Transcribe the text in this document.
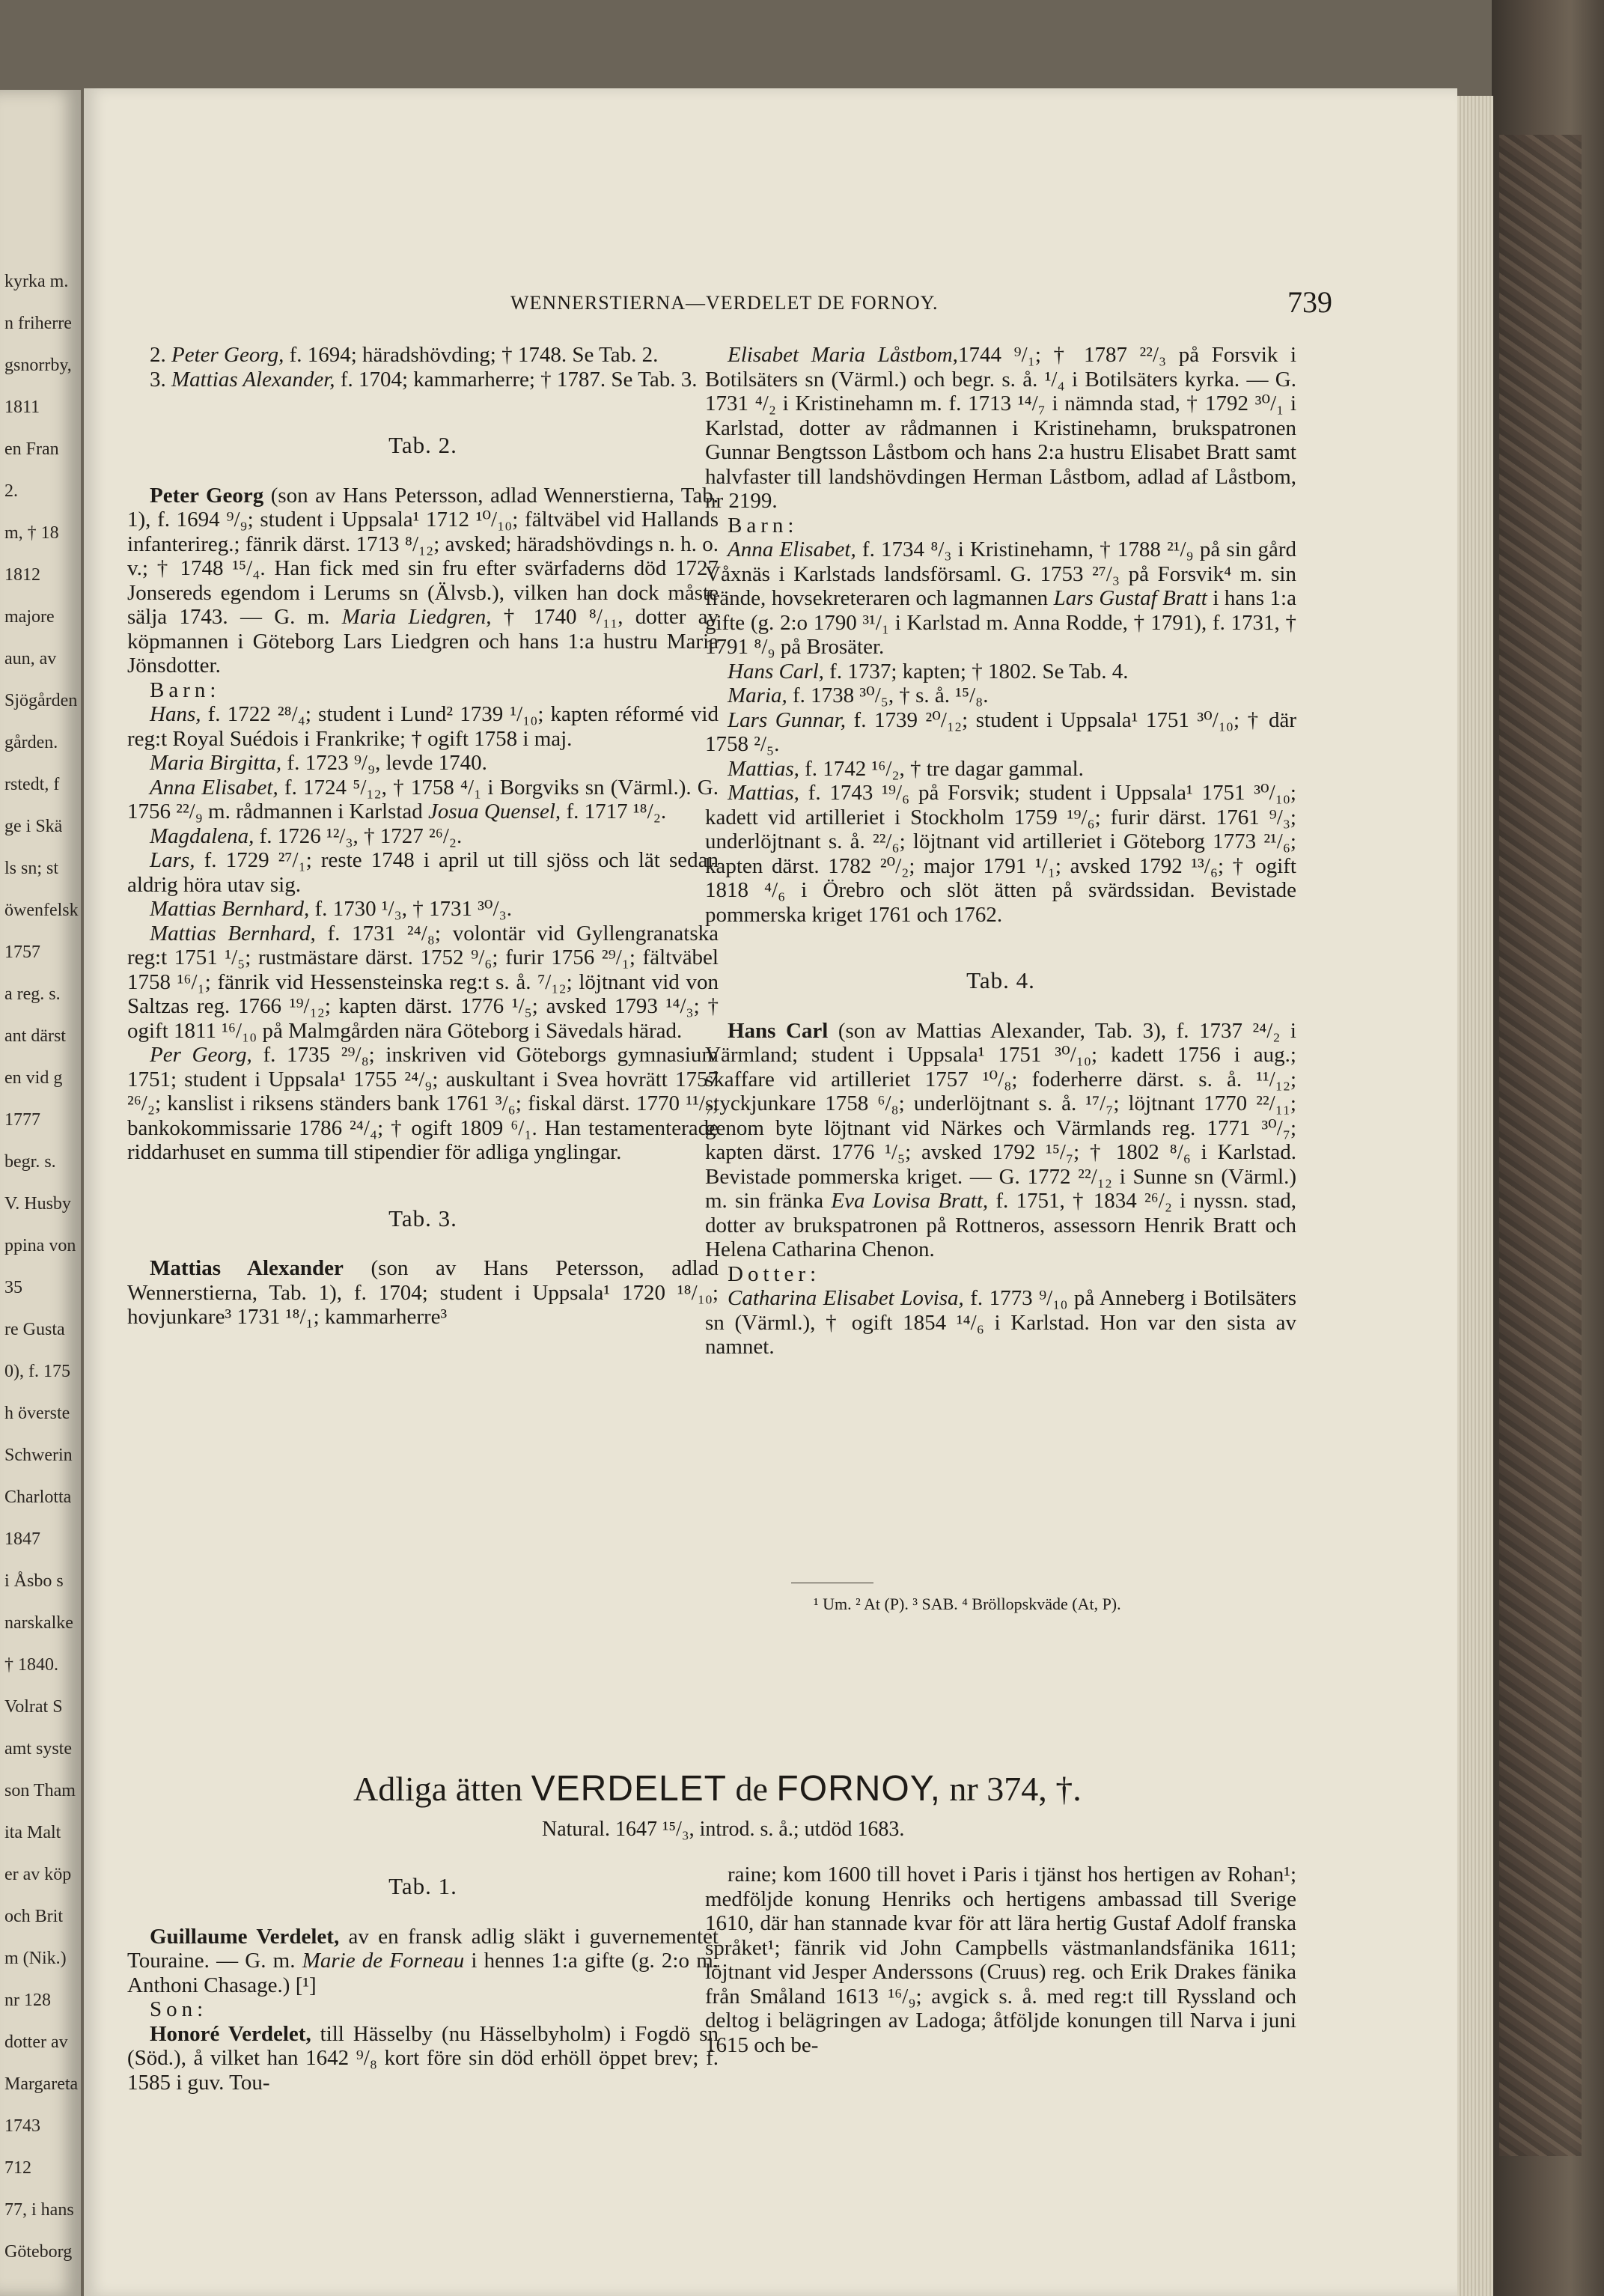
kyrka m.
n friherre
gsnorrby,
1811
en Fran
2.
m, † 18
1812
majore
aun, av
Sjögården
gården.
rstedt, f
ge i Skä
ls sn; st
öwenfelsk
1757
a reg. s.
ant därst
en vid g
1777
begr. s.
V. Husby
ppina von
35
re Gusta
0), f. 175
h överste
Schwerin
Charlotta
1847
i Åsbo s
narskalke
† 1840.
Volrat S
amt syste
son Tham
ita Malt
er av köp
och Brit
m (Nik.)
nr 128
dotter av
Margareta
1743
712
77, i hans
Göteborg
WENNERSTIERNA—VERDELET DE FORNOY.	739

2. Peter Georg, f. 1694; häradshövding; † 1748. Se Tab. 2.

3. Mattias Alexander, f. 1704; kammarherre; † 1787. Se Tab. 3.

Tab. 2.

Peter Georg (son av Hans Petersson, adlad Wennerstierna, Tab. 1), f. 1694 ⁹/₉; student i Uppsala¹ 1712 ¹⁰/₁₀; fältväbel vid Hallands infanterireg.; fänrik därst. 1713 ⁸/₁₂; avsked; häradshövdings n. h. o. v.; † 1748 ¹⁵/₄. Han fick med sin fru efter svärfaderns död 1727 Jonsereds egendom i Lerums sn (Älvsb.), vilken han dock måste sälja 1743. — G. m. Maria Liedgren, † 1740 ⁸/₁₁, dotter av köpmannen i Göteborg Lars Liedgren och hans 1:a hustru Maria Jönsdotter.

Barn:

Hans, f. 1722 ²⁸/₄; student i Lund² 1739 ¹/₁₀; kapten réformé vid reg:t Royal Suédois i Frankrike; † ogift 1758 i maj.

Maria Birgitta, f. 1723 ⁹/₉, levde 1740.

Anna Elisabet, f. 1724 ⁵/₁₂, † 1758 ⁴/₁ i Borgviks sn (Värml.). G. 1756 ²²/₉ m. rådmannen i Karlstad Josua Quensel, f. 1717 ¹⁸/₂.

Magdalena, f. 1726 ¹²/₃, † 1727 ²⁶/₂.

Lars, f. 1729 ²⁷/₁; reste 1748 i april ut till sjöss och lät sedan aldrig höra utav sig.

Mattias Bernhard, f. 1730 ¹/₃, † 1731 ³⁰/₃.

Mattias Bernhard, f. 1731 ²⁴/₈; volontär vid Gyllengranatska reg:t 1751 ¹/₅; rustmästare därst. 1752 ⁹/₆; furir 1756 ²⁹/₁; fältväbel 1758 ¹⁶/₁; fänrik vid Hessensteinska reg:t s. å. ⁷/₁₂; löjtnant vid von Saltzas reg. 1766 ¹⁹/₁₂; kapten därst. 1776 ¹/₅; avsked 1793 ¹⁴/₃; † ogift 1811 ¹⁶/₁₀ på Malmgården nära Göteborg i Sävedals härad.

Per Georg, f. 1735 ²⁹/₈; inskriven vid Göteborgs gymnasium 1751; student i Uppsala¹ 1755 ²⁴/₉; auskultant i Svea hovrätt 1757 ²⁶/₂; kanslist i riksens ständers bank 1761 ³/₆; fiskal därst. 1770 ¹¹/₇; bankokommissarie 1786 ²⁴/₄; † ogift 1809 ⁶/₁. Han testamenterade riddarhuset en summa till stipendier för adliga ynglingar.

Tab. 3.

Mattias Alexander (son av Hans Petersson, adlad Wennerstierna, Tab. 1), f. 1704; student i Uppsala¹ 1720 ¹⁸/₁₀; hovjunkare³ 1731 ¹⁸/₁; kammarherre³

Elisabet Maria Låstbom,1744 ⁹/₁; † 1787 ²²/₃ på Forsvik i Botilsäters sn (Värml.) och begr. s. å. ¹/₄ i Botilsäters kyrka. — G. 1731 ⁴/₂ i Kristinehamn m. f. 1713 ¹⁴/₇ i nämnda stad, † 1792 ³⁰/₁ i Karlstad, dotter av rådmannen i Kristinehamn, brukspatronen Gunnar Bengtsson Låstbom och hans 2:a hustru Elisabet Bratt samt halvfaster till landshövdingen Herman Låstbom, adlad af Låstbom, nr 2199.

Barn:

Anna Elisabet, f. 1734 ⁸/₃ i Kristinehamn, † 1788 ²¹/₉ på sin gård Våxnäs i Karlstads landsförsaml. G. 1753 ²⁷/₃ på Forsvik⁴ m. sin frände, hovsekreteraren och lagmannen Lars Gustaf Bratt i hans 1:a gifte (g. 2:o 1790 ³¹/₁ i Karlstad m. Anna Rodde, † 1791), f. 1731, † 1791 ⁸/₉ på Brosäter.

Hans Carl, f. 1737; kapten; † 1802. Se Tab. 4.

Maria, f. 1738 ³⁰/₅, † s. å. ¹⁵/₈.

Lars Gunnar, f. 1739 ²⁰/₁₂; student i Uppsala¹ 1751 ³⁰/₁₀; † där 1758 ²/₅.

Mattias, f. 1742 ¹⁶/₂, † tre dagar gammal.

Mattias, f. 1743 ¹⁹/₆ på Forsvik; student i Uppsala¹ 1751 ³⁰/₁₀; kadett vid artilleriet i Stockholm 1759 ¹⁹/₆; furir därst. 1761 ⁹/₃; underlöjtnant s. å. ²²/₆; löjtnant vid artilleriet i Göteborg 1773 ²¹/₆; kapten därst. 1782 ²⁰/₂; major 1791 ¹/₁; avsked 1792 ¹³/₆; † ogift 1818 ⁴/₆ i Örebro och slöt ätten på svärdssidan. Bevistade pommerska kriget 1761 och 1762.

Tab. 4.

Hans Carl (son av Mattias Alexander, Tab. 3), f. 1737 ²⁴/₂ i Värmland; student i Uppsala¹ 1751 ³⁰/₁₀; kadett 1756 i aug.; skaffare vid artilleriet 1757 ¹⁰/₈; foderherre därst. s. å. ¹¹/₁₂; styckjunkare 1758 ⁶/₈; underlöjtnant s. å. ¹⁷/₇; löjtnant 1770 ²²/₁₁; genom byte löjtnant vid Närkes och Värmlands reg. 1771 ³⁰/₇; kapten därst. 1776 ¹/₅; avsked 1792 ¹⁵/₇; † 1802 ⁸/₆ i Karlstad. Bevistade pommerska kriget. — G. 1772 ²²/₁₂ i Sunne sn (Värml.) m. sin fränka Eva Lovisa Bratt, f. 1751, † 1834 ²⁶/₂ i nyssn. stad, dotter av brukspatronen på Rottneros, assessorn Henrik Bratt och Helena Catharina Chenon.

Dotter:

Catharina Elisabet Lovisa, f. 1773 ⁹/₁₀ på Anneberg i Botilsäters sn (Värml.), † ogift 1854 ¹⁴/₆ i Karlstad. Hon var den sista av namnet.

¹ Um. ² At (P). ³ SAB. ⁴ Bröllopskväde (At, P).
Adliga ätten VERDELET de FORNOY, nr 374, †.
Natural. 1647 ¹⁵/₃, introd. s. å.; utdöd 1683.

Tab. 1.

Guillaume Verdelet, av en fransk adlig släkt i guvernementet Touraine. — G. m. Marie de Forneau i hennes 1:a gifte (g. 2:o m. Anthoni Chasage.) [¹]

Son:

Honoré Verdelet, till Hässelby (nu Hässelbyholm) i Fogdö sn (Söd.), å vilket han 1642 ⁹/₈ kort före sin död erhöll öppet brev; f. 1585 i guv. Tou-

raine; kom 1600 till hovet i Paris i tjänst hos hertigen av Rohan¹; medföljde konung Henriks och hertigens ambassad till Sverige 1610, där han stannade kvar för att lära hertig Gustaf Adolf franska språket¹; fänrik vid John Campbells västmanlandsfänika 1611; löjtnant vid Jesper Anderssons (Cruus) reg. och Erik Drakes fänika från Småland 1613 ¹⁶/₉; avgick s. å. med reg:t till Ryssland och deltog i belägringen av Ladoga; åtföljde konungen till Narva i juni 1615 och be-
